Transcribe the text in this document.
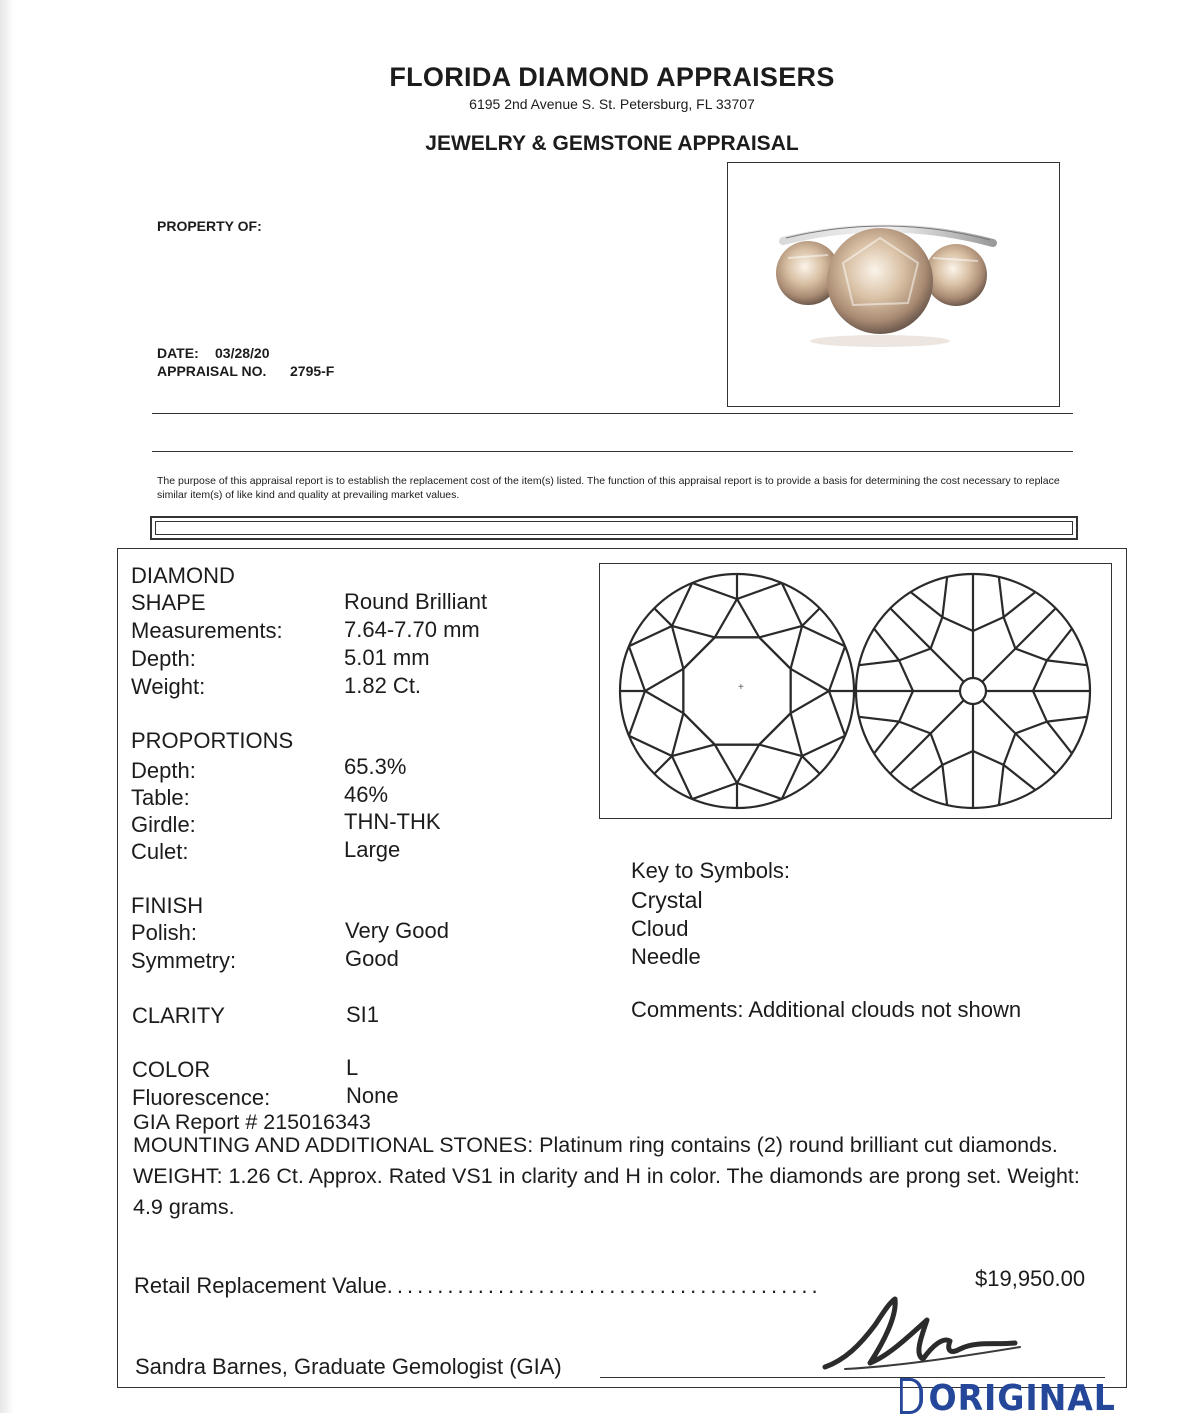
FLORIDA DIAMOND APPRAISERS
6195 2nd Avenue S. St. Petersburg, FL 33707
JEWELRY & GEMSTONE APPRAISAL
PROPERTY OF:
DATE: 03/28/20
APPRAISAL NO. 2795-F
The purpose of this appraisal report is to establish the replacement cost of the item(s) listed. The function of this appraisal report is to provide a basis for determining the cost necessary to replace similar item(s) of like kind and quality at prevailing market values.
DIAMOND
SHAPE	Round Brilliant
Measurements:	7.64-7.70 mm
Depth:	5.01 mm
Weight:	1.82 Ct.
PROPORTIONS
Depth:	65.3%
Table:	46%
Girdle:	THN-THK
Culet:	Large
FINISH
Polish:	Very Good
Symmetry:	Good
CLARITY	SI1
COLOR	L
Fluorescence:	None
GIA Report # 215016343
MOUNTING AND ADDITIONAL STONES: Platinum ring contains (2) round brilliant cut diamonds. WEIGHT: 1.26 Ct. Approx. Rated VS1 in clarity and H in color. The diamonds are prong set. Weight: 4.9 grams.
+
Key to Symbols:
Crystal
Cloud
Needle
Comments: Additional clouds not shown
Retail Replacement Value...........................................	$19,950.00
Sandra Barnes, Graduate Gemologist (GIA)
ORIGINAL
